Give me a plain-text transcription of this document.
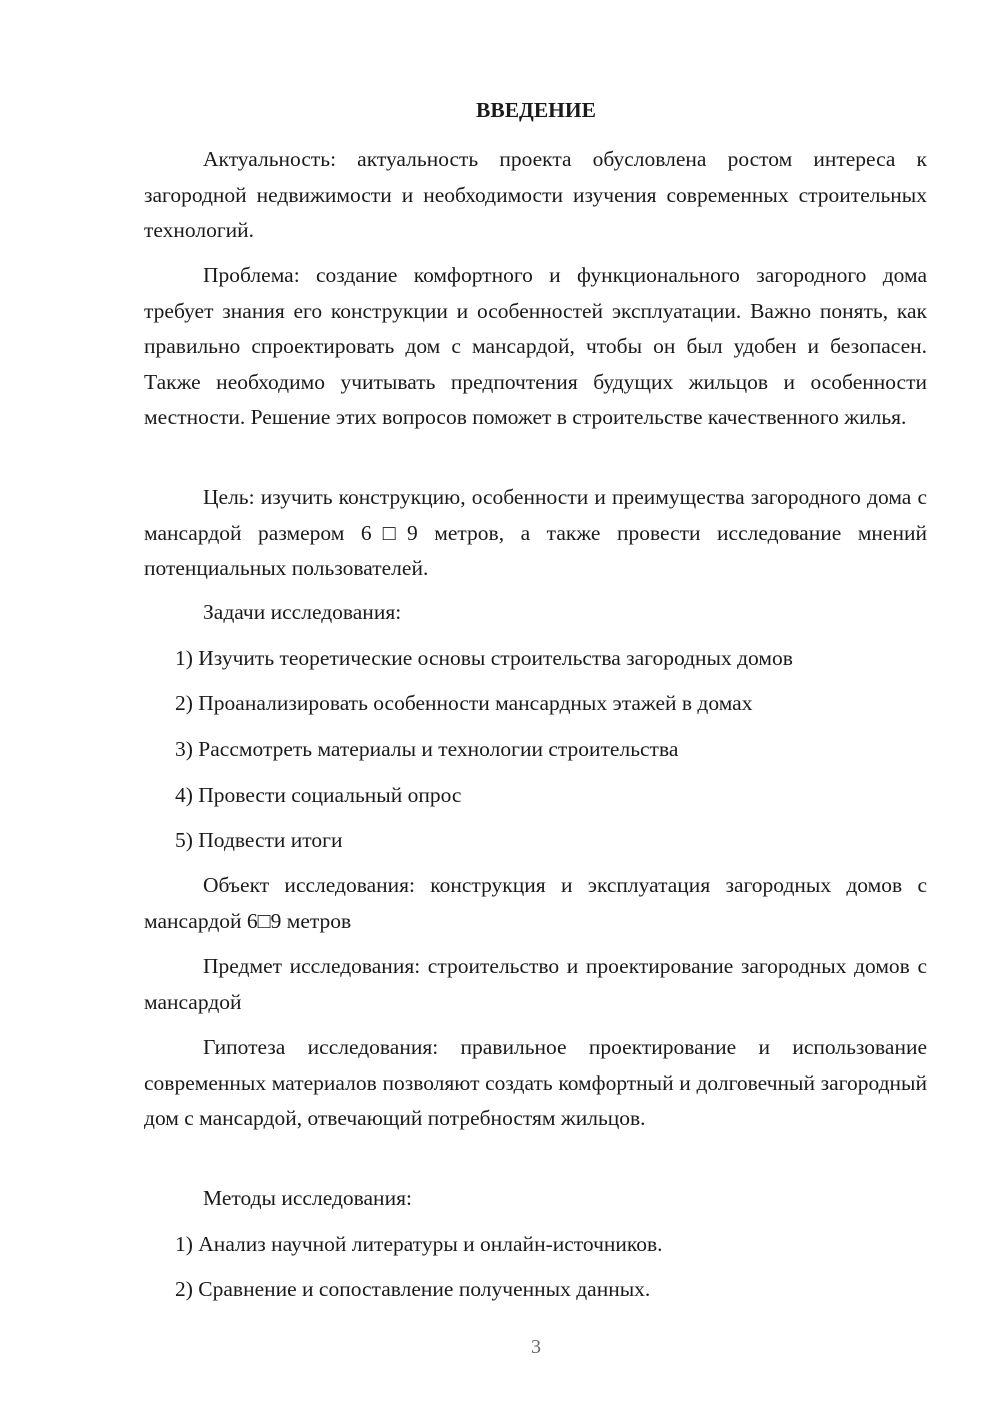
ВВЕДЕНИЕ

Актуальность: актуальность проекта обусловлена ростом интереса к загородной недвижимости и необходимости изучения современных строительных технологий.

Проблема: создание комфортного и функционального загородного дома требует знания его конструкции и особенностей эксплуатации. Важно понять, как правильно спроектировать дом с мансардой, чтобы он был удобен и безопасен. Также необходимо учитывать предпочтения будущих жильцов и особенности местности. Решение этих вопросов поможет в строительстве качественного жилья.

Цель: изучить конструкцию, особенности и преимущества загородного дома с мансардой размером 6□9 метров, а также провести исследование мнений потенциальных пользователей.

Задачи исследования:
1) Изучить теоретические основы строительства загородных домов
2) Проанализировать особенности мансардных этажей в домах
3) Рассмотреть материалы и технологии строительства
4) Провести социальный опрос
5) Подвести итоги

Объект исследования: конструкция и эксплуатация загородных домов с мансардой 6□9 метров

Предмет исследования: строительство и проектирование загородных домов с мансардой

Гипотеза исследования: правильное проектирование и использование современных материалов позволяют создать комфортный и долговечный загородный дом с мансардой, отвечающий потребностям жильцов.

Методы исследования:
1) Анализ научной литературы и онлайн-источников.
2) Сравнение и сопоставление полученных данных.
3
